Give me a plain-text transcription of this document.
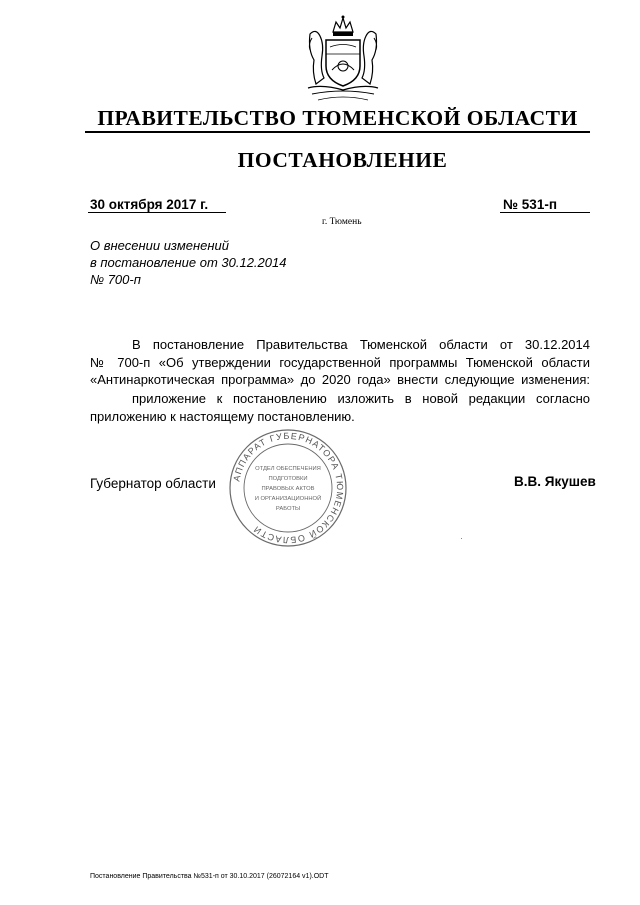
ПРАВИТЕЛЬСТВО ТЮМЕНСКОЙ ОБЛАСТИ
ПОСТАНОВЛЕНИЕ
30 октября 2017 г.	№ 531-п
г. Тюмень
О внесении изменений
в постановление от 30.12.2014
№ 700-п
В постановление Правительства Тюменской области от 30.12.2014
№ 700-п «Об утверждении государственной программы Тюменской области
«Антинаркотическая программа» до 2020 года» внести следующие изменения:
приложение к постановлению изложить в новой редакции согласно
приложению к настоящему постановлению.
Губернатор области АППАРАТ ГУБЕРНАТОРА ТЮМЕНСКОЙ ОБЛАСТИ
ОТДЕЛ ОБЕСПЕЧЕНИЯ
ПОДГОТОВКИ
ПРАВОВЫХ АКТОВ
И ОРГАНИЗАЦИОННОЙ
РАБОТЫ
В.В. Якушев
Постановление Правительства №531-п от 30.10.2017 (26072164 v1).ODT
